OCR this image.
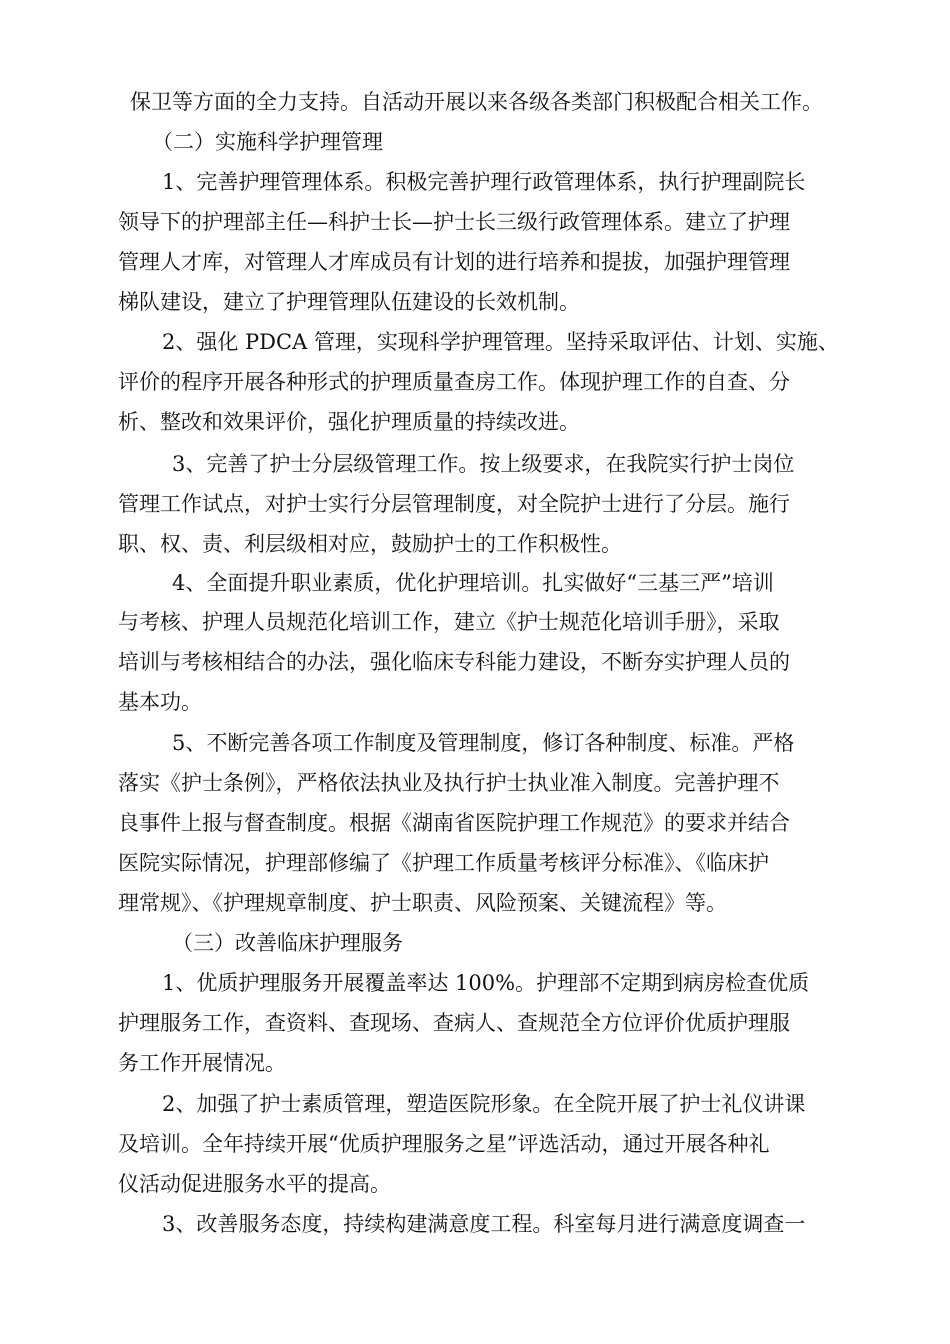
保卫等方面的全力支持。自活动开展以来各级各类部门积极配合相关工作。
（二）实施科学护理管理
1、完善护理管理体系。积极完善护理行政管理体系，执行护理副院长
领导下的护理部主任—科护士长—护士长三级行政管理体系。建立了护理
管理人才库，对管理人才库成员有计划的进行培养和提拔，加强护理管理
梯队建设，建立了护理管理队伍建设的长效机制。
2、强化 PDCA 管理，实现科学护理管理。坚持采取评估、计划、实施、
评价的程序开展各种形式的护理质量查房工作。体现护理工作的自查、分
析、整改和效果评价，强化护理质量的持续改进。
3、完善了护士分层级管理工作。按上级要求，在我院实行护士岗位
管理工作试点，对护士实行分层管理制度，对全院护士进行了分层。施行
职、权、责、利层级相对应，鼓励护士的工作积极性。
4、全面提升职业素质，优化护理培训。扎实做好“三基三严”培训
与考核、护理人员规范化培训工作，建立《护士规范化培训手册》，采取
培训与考核相结合的办法，强化临床专科能力建设，不断夯实护理人员的
基本功。
5、不断完善各项工作制度及管理制度，修订各种制度、标准。严格
落实《护士条例》，严格依法执业及执行护士执业准入制度。完善护理不
良事件上报与督查制度。根据《湖南省医院护理工作规范》的要求并结合
医院实际情况，护理部修编了《护理工作质量考核评分标准》、《临床护
理常规》、《护理规章制度、护士职责、风险预案、关键流程》等。
（三）改善临床护理服务
1、优质护理服务开展覆盖率达 100%。护理部不定期到病房检查优质
护理服务工作，查资料、查现场、查病人、查规范全方位评价优质护理服
务工作开展情况。
2、加强了护士素质管理，塑造医院形象。在全院开展了护士礼仪讲课
及培训。全年持续开展“优质护理服务之星”评选活动，通过开展各种礼
仪活动促进服务水平的提高。
3、改善服务态度，持续构建满意度工程。科室每月进行满意度调查一
